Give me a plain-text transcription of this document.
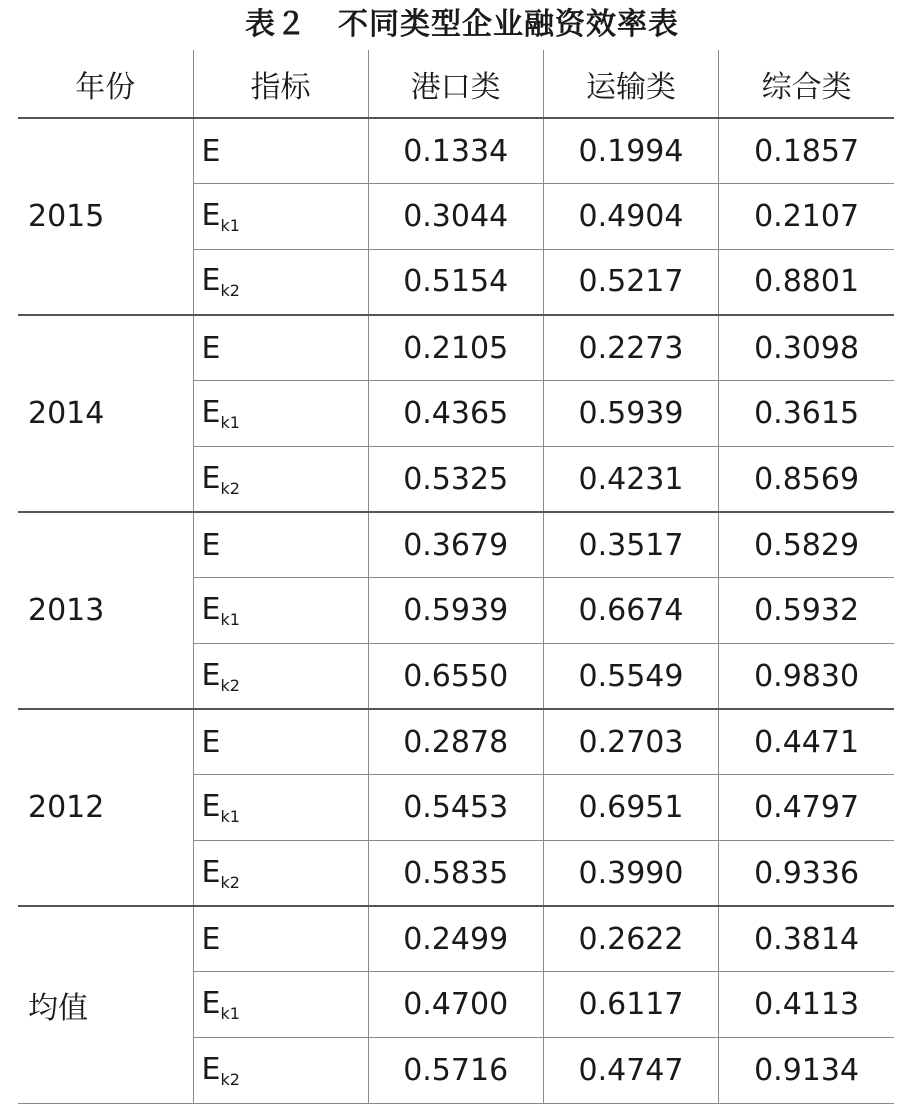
表２　不同类型企业融资效率表
年份	指标	港口类	运输类	综合类
2015	E	0.1334	0.1994	0.1857
	$E_{k1}$	0.3044	0.4904	0.2107
	$E_{k2}$	0.5154	0.5217	0.8801
2014	E	0.2105	0.2273	0.3098
	$E_{k1}$	0.4365	0.5939	0.3615
	$E_{k2}$	0.5325	0.4231	0.8569
2013	E	0.3679	0.3517	0.5829
	$E_{k1}$	0.5939	0.6674	0.5932
	$E_{k2}$	0.6550	0.5549	0.9830
2012	E	0.2878	0.2703	0.4471
	$E_{k1}$	0.5453	0.6951	0.4797
	$E_{k2}$	0.5835	0.3990	0.9336
均值	E	0.2499	0.2622	0.3814
	$E_{k1}$	0.4700	0.6117	0.4113
	$E_{k2}$	0.5716	0.4747	0.9134
